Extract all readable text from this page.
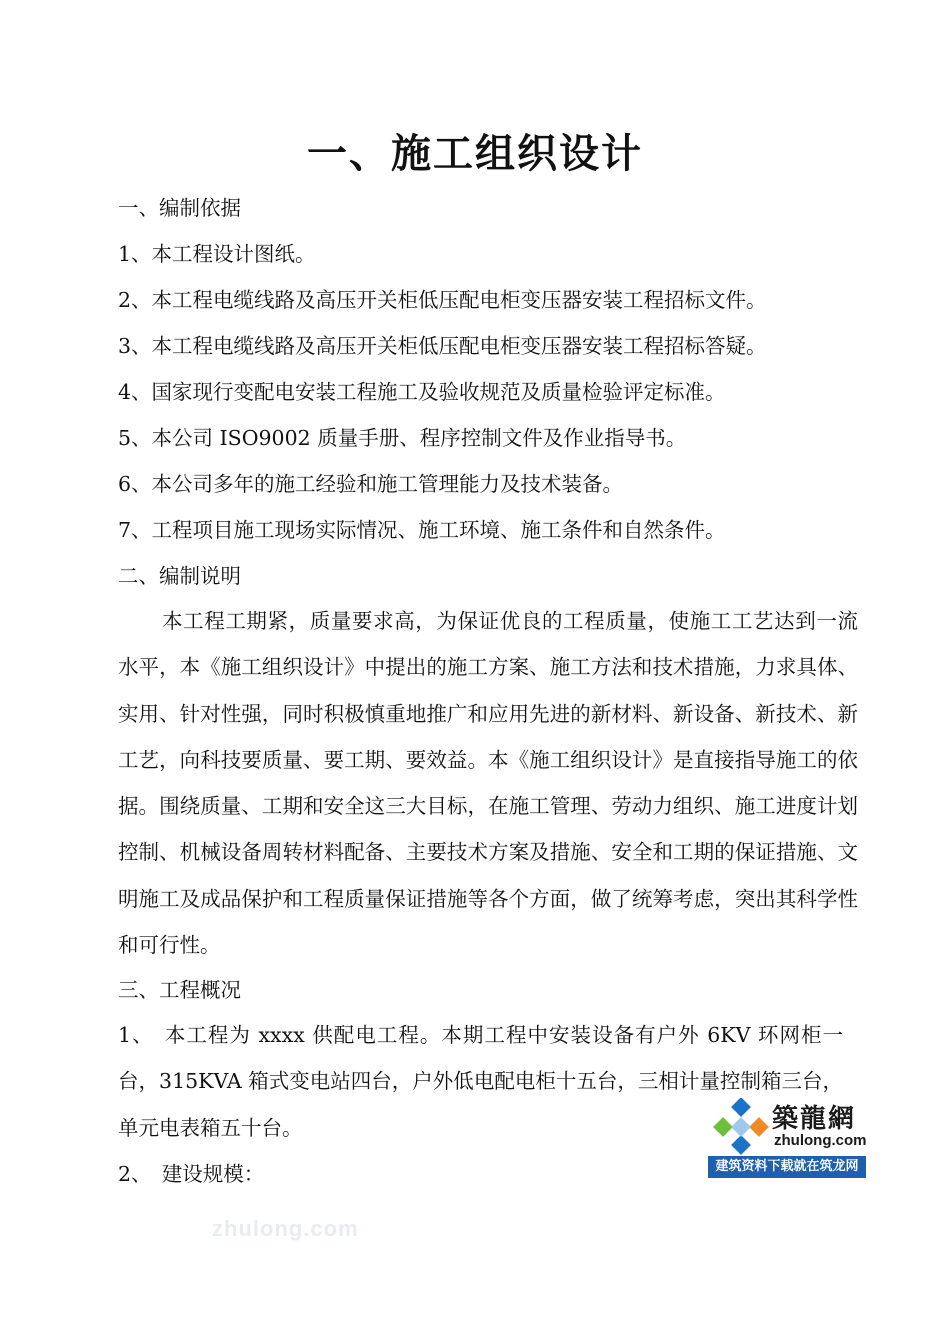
一、施工组织设计
一、编制依据
1、本工程设计图纸。
2、本工程电缆线路及高压开关柜低压配电柜变压器安装工程招标文件。
3、本工程电缆线路及高压开关柜低压配电柜变压器安装工程招标答疑。
4、国家现行变配电安装工程施工及验收规范及质量检验评定标准。
5、本公司 ISO9002 质量手册、程序控制文件及作业指导书。
6、本公司多年的施工经验和施工管理能力及技术装备。
7、工程项目施工现场实际情况、施工环境、施工条件和自然条件。
二、编制说明

本工程工期紧，质量要求高，为保证优良的工程质量，使施工工艺达到一流水平，本《施工组织设计》中提出的施工方案、施工方法和技术措施，力求具体、实用、针对性强，同时积极慎重地推广和应用先进的新材料、新设备、新技术、新工艺，向科技要质量、要工期、要效益。本《施工组织设计》是直接指导施工的依据。围绕质量、工期和安全这三大目标，在施工管理、劳动力组织、施工进度计划控制、机械设备周转材料配备、主要技术方案及措施、安全和工期的保证措施、文明施工及成品保护和工程质量保证措施等各个方面，做了统筹考虑，突出其科学性和可行性。

三、工程概况

1、　本工程为 xxxx 供配电工程。本期工程中安装设备有户外 6KV 环网柜一台，315KVA 箱式变电站四台，户外低电配电柜十五台，三相计量控制箱三台，单元电表箱五十台。

2、　建设规模：
築龍網
zhulong.com
建筑资料下载就在筑龙网
zhulong.com
